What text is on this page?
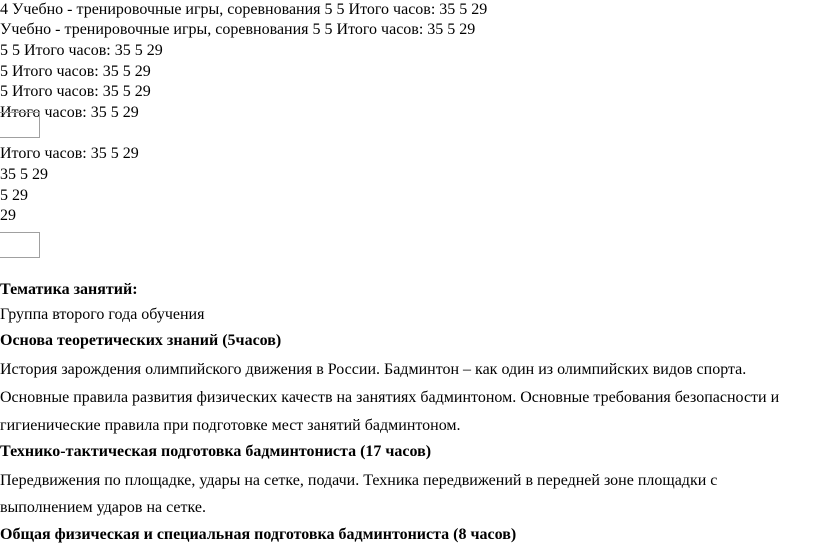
4 Учебно - тренировочные игры, соревнования 5 5 Итого часов: 35 5 29
Учебно - тренировочные игры, соревнования 5 5 Итого часов: 35 5 29
5 5 Итого часов: 35 5 29
5 Итого часов: 35 5 29
5 Итого часов: 35 5 29
Итого часов: 35 5 29
Итого часов: 35 5 29
35 5 29
5 29
29
Тематика занятий:
Группа второго года обучения
Основа теоретических знаний (5часов)
История зарождения олимпийского движения в России. Бадминтон – как один из олимпийских видов спорта.
Основные правила развития физических качеств на занятиях бадминтоном. Основные требования безопасности и
гигиенические правила при подготовке мест занятий бадминтоном.
Технико-тактическая подготовка бадминтониста (17 часов)
Передвижения по площадке, удары на сетке, подачи. Техника передвижений в передней зоне площадки с
выполнением ударов на сетке.
Общая физическая и специальная подготовка бадминтониста (8 часов)
